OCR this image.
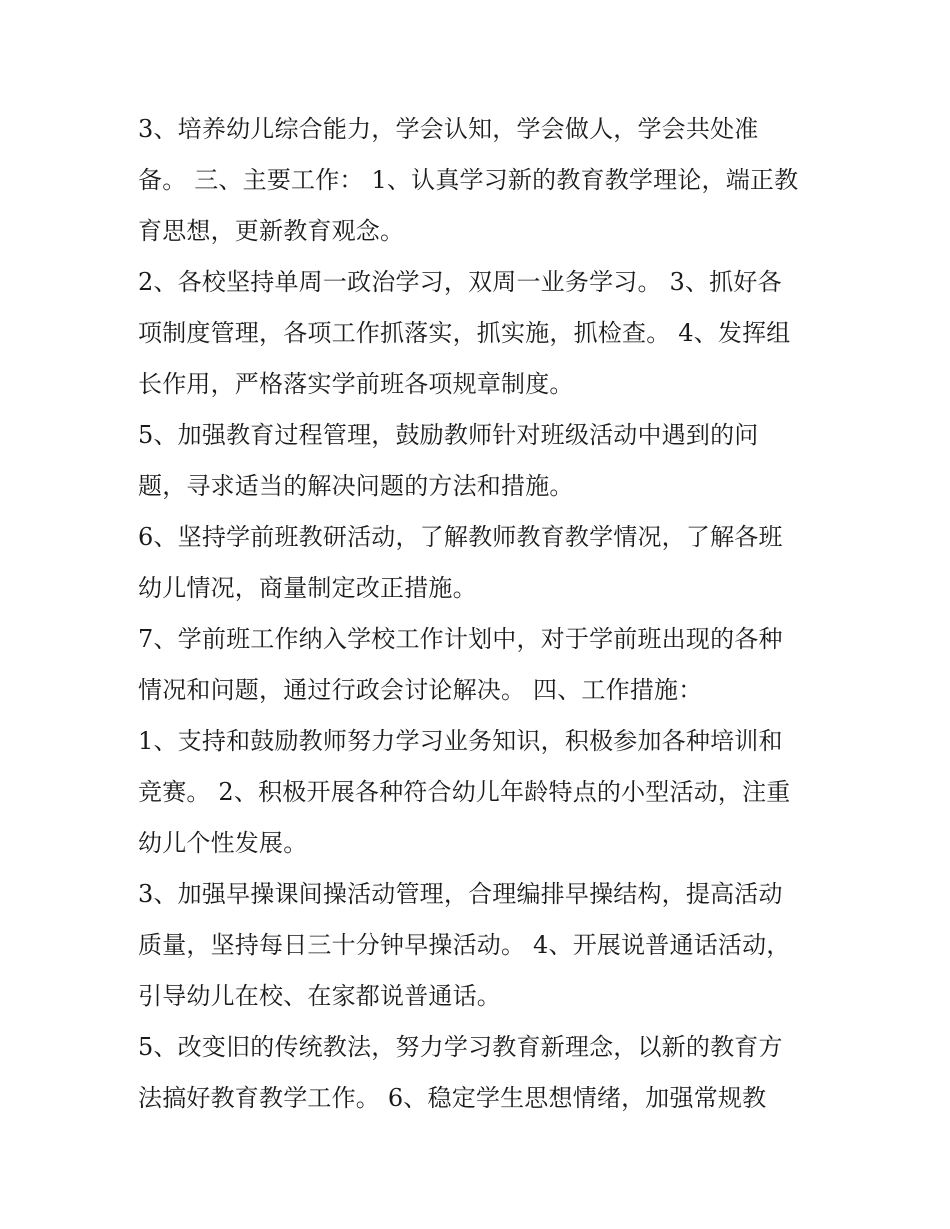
3、培养幼儿综合能力，学会认知，学会做人，学会共处准
备。 三、主要工作： 1、认真学习新的教育教学理论，端正教
育思想，更新教育观念。
2、各校坚持单周一政治学习，双周一业务学习。 3、抓好各
项制度管理，各项工作抓落实，抓实施，抓检查。 4、发挥组
长作用，严格落实学前班各项规章制度。
5、加强教育过程管理，鼓励教师针对班级活动中遇到的问
题，寻求适当的解决问题的方法和措施。
6、坚持学前班教研活动，了解教师教育教学情况，了解各班
幼儿情况，商量制定改正措施。
7、学前班工作纳入学校工作计划中，对于学前班出现的各种
情况和问题，通过行政会讨论解决。 四、工作措施：
1、支持和鼓励教师努力学习业务知识，积极参加各种培训和
竞赛。 2、积极开展各种符合幼儿年龄特点的小型活动，注重
幼儿个性发展。
3、加强早操课间操活动管理，合理编排早操结构，提高活动
质量，坚持每日三十分钟早操活动。 4、开展说普通话活动，
引导幼儿在校、在家都说普通话。
5、改变旧的传统教法，努力学习教育新理念，以新的教育方
法搞好教育教学工作。 6、稳定学生思想情绪，加强常规教
